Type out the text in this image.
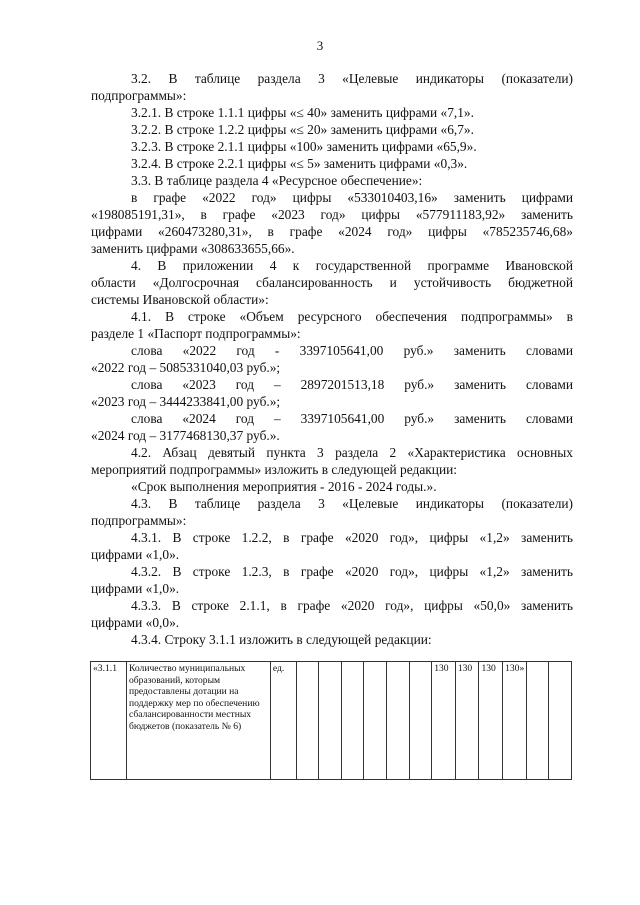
3
3.2. В таблице раздела 3 «Целевые индикаторы (показатели)
подпрограммы»:
3.2.1. В строке 1.1.1 цифры «≤ 40» заменить цифрами «7,1».
3.2.2. В строке 1.2.2 цифры «≤ 20» заменить цифрами «6,7».
3.2.3. В строке 2.1.1 цифры «100» заменить цифрами «65,9».
3.2.4. В строке 2.2.1 цифры «≤ 5» заменить цифрами «0,3».
3.3. В таблице раздела 4 «Ресурсное обеспечение»:
в графе «2022 год» цифры «533010403,16» заменить цифрами
«198085191,31», в графе «2023 год» цифры «577911183,92» заменить
цифрами «260473280,31», в графе «2024 год» цифры «785235746,68»
заменить цифрами «308633655,66».
4. В приложении 4 к государственной программе Ивановской
области «Долгосрочная сбалансированность и устойчивость бюджетной
системы Ивановской области»:
4.1. В строке «Объем ресурсного обеспечения подпрограммы» в
разделе 1 «Паспорт подпрограммы»:
слова «2022 год - 3397105641,00 руб.» заменить словами
«2022 год – 5085331040,03 руб.»;
слова «2023 год – 2897201513,18 руб.» заменить словами
«2023 год – 3444233841,00 руб.»;
слова «2024 год – 3397105641,00 руб.» заменить словами
«2024 год – 3177468130,37 руб.».
4.2. Абзац девятый пункта 3 раздела 2 «Характеристика основных
мероприятий подпрограммы» изложить в следующей редакции:
«Срок выполнения мероприятия - 2016 - 2024 годы.».
4.3. В таблице раздела 3 «Целевые индикаторы (показатели)
подпрограммы»:
4.3.1. В строке 1.2.2, в графе «2020 год», цифры «1,2» заменить
цифрами «1,0».
4.3.2. В строке 1.2.3, в графе «2020 год», цифры «1,2» заменить
цифрами «1,0».
4.3.3. В строке 2.1.1, в графе «2020 год», цифры «50,0» заменить
цифрами «0,0».
4.3.4. Строку 3.1.1 изложить в следующей редакции:
«3.1.1	Количество муниципальных образований, которым предоставлены дотации на поддержку мер по обеспечению сбалансированности местных бюджетов (показатель № 6)	ед.							130	130	130	130»		
